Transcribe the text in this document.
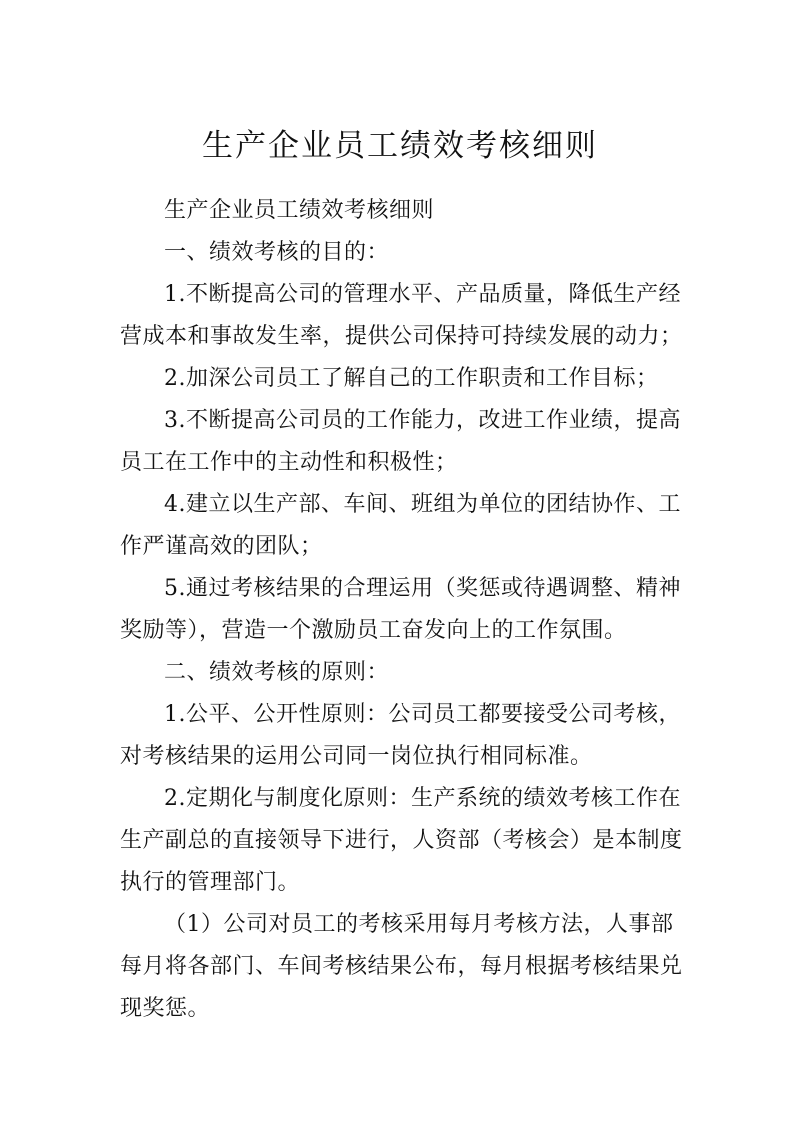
生产企业员工绩效考核细则

生产企业员工绩效考核细则

一、绩效考核的目的：

1.不断提高公司的管理水平、产品质量，降低生产经营成本和事故发生率，提供公司保持可持续发展的动力；

2.加深公司员工了解自己的工作职责和工作目标；

3.不断提高公司员的工作能力，改进工作业绩，提高员工在工作中的主动性和积极性；

4.建立以生产部、车间、班组为单位的团结协作、工作严谨高效的团队；

5.通过考核结果的合理运用（奖惩或待遇调整、精神奖励等），营造一个激励员工奋发向上的工作氛围。

二、绩效考核的原则：

1.公平、公开性原则：公司员工都要接受公司考核，对考核结果的运用公司同一岗位执行相同标准。

2.定期化与制度化原则：生产系统的绩效考核工作在生产副总的直接领导下进行，人资部（考核会）是本制度执行的管理部门。

（1）公司对员工的考核采用每月考核方法，人事部每月将各部门、车间考核结果公布，每月根据考核结果兑现奖惩。
